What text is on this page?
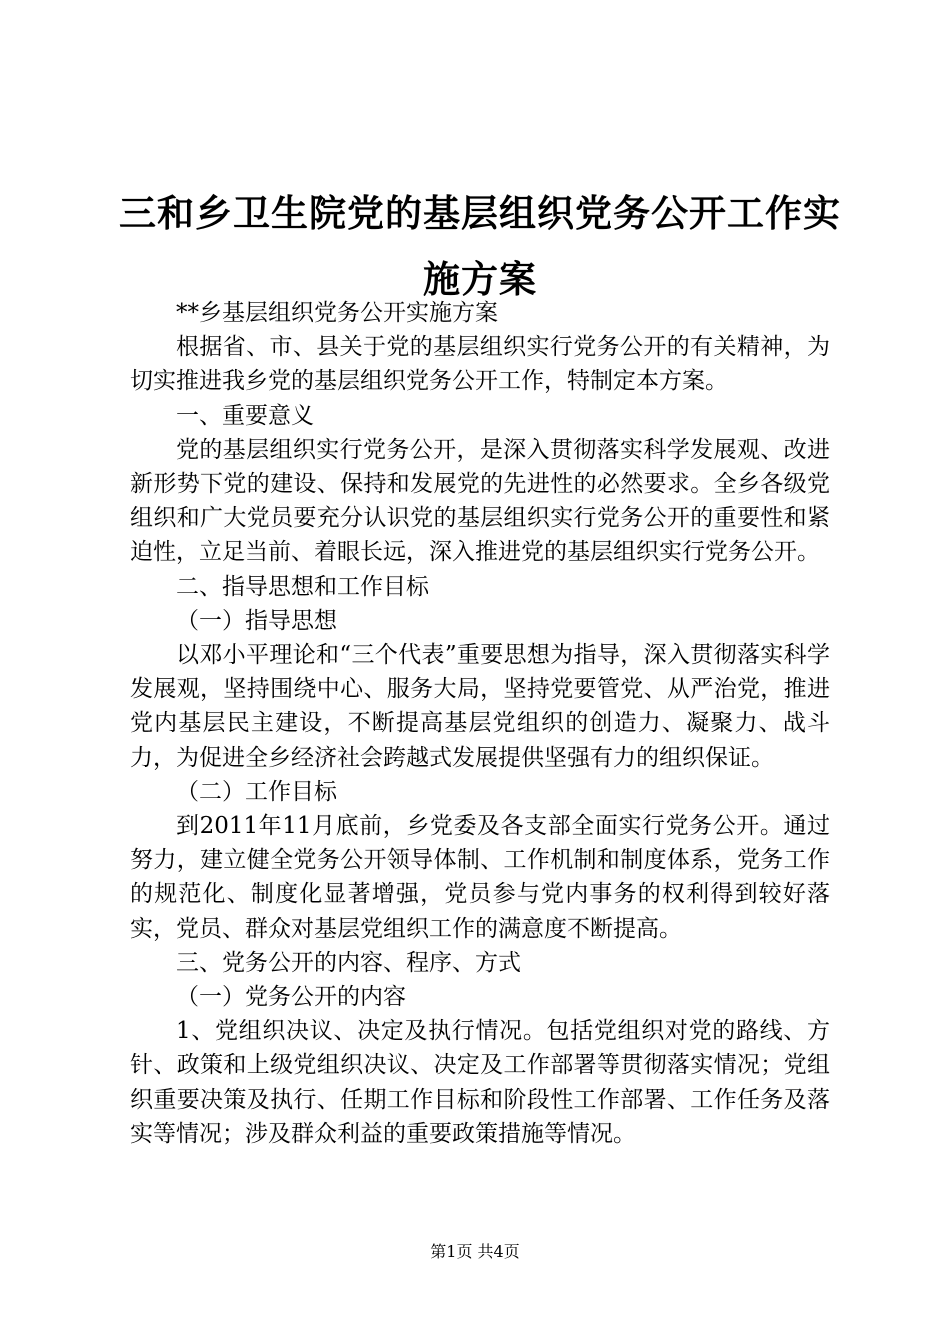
三和乡卫生院党的基层组织党务公开工作实施方案

**乡基层组织党务公开实施方案

根据省、市、县关于党的基层组织实行党务公开的有关精神，为切实推进我乡党的基层组织党务公开工作，特制定本方案。

一、重要意义

党的基层组织实行党务公开，是深入贯彻落实科学发展观、改进新形势下党的建设、保持和发展党的先进性的必然要求。全乡各级党组织和广大党员要充分认识党的基层组织实行党务公开的重要性和紧迫性，立足当前、着眼长远，深入推进党的基层组织实行党务公开。

二、指导思想和工作目标

（一）指导思想

以邓小平理论和“三个代表”重要思想为指导，深入贯彻落实科学发展观，坚持围绕中心、服务大局，坚持党要管党、从严治党，推进党内基层民主建设，不断提高基层党组织的创造力、凝聚力、战斗力，为促进全乡经济社会跨越式发展提供坚强有力的组织保证。

（二）工作目标

到2011年11月底前，乡党委及各支部全面实行党务公开。通过努力，建立健全党务公开领导体制、工作机制和制度体系，党务工作的规范化、制度化显著增强，党员参与党内事务的权利得到较好落实，党员、群众对基层党组织工作的满意度不断提高。

三、党务公开的内容、程序、方式

（一）党务公开的内容

1、党组织决议、决定及执行情况。包括党组织对党的路线、方针、政策和上级党组织决议、决定及工作部署等贯彻落实情况；党组织重要决策及执行、任期工作目标和阶段性工作部署、工作任务及落实等情况；涉及群众利益的重要政策措施等情况。

第1页 共4页
